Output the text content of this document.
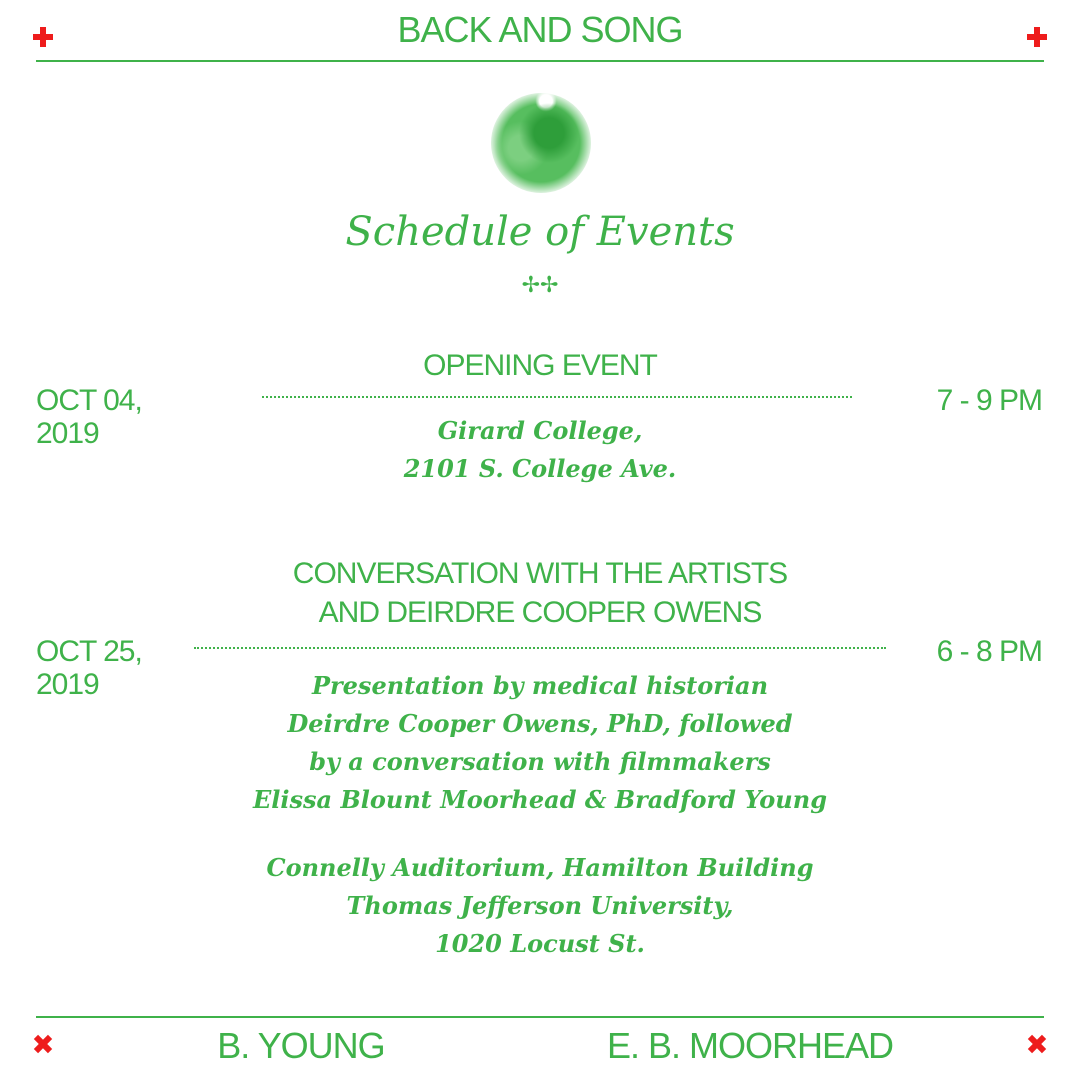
BACK AND SONG
Schedule of Events
✢✢
OPENING EVENT
OCT 04,
2019
7 - 9 PM
Girard College,
2101 S. College Ave.
CONVERSATION WITH THE ARTISTS
AND DEIRDRE COOPER OWENS
OCT 25,
2019
6 - 8 PM
Presentation by medical historian
Deirdre Cooper Owens, PhD, followed
by a conversation with filmmakers
Elissa Blount Moorhead & Bradford Young
Connelly Auditorium, Hamilton Building
Thomas Jefferson University,
1020 Locust St.
B. YOUNG	E. B. MOORHEAD
